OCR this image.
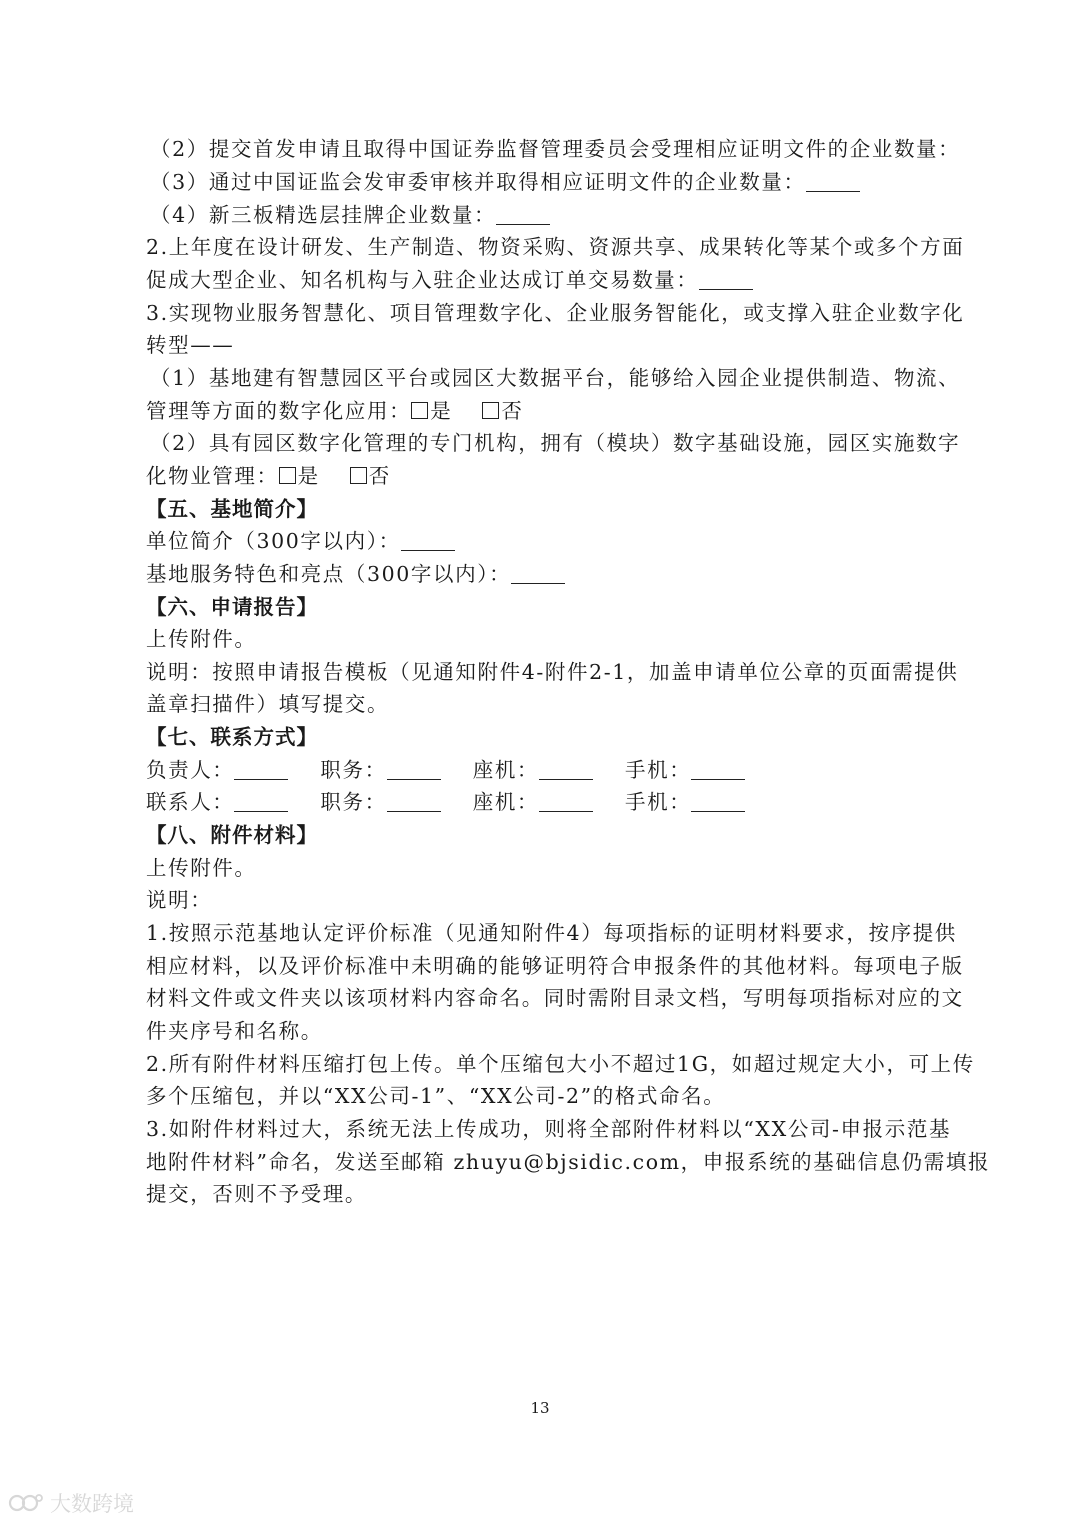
（2）提交首发申请且取得中国证券监督管理委员会受理相应证明文件的企业数量：
（3）通过中国证监会发审委审核并取得相应证明文件的企业数量：
（4）新三板精选层挂牌企业数量：
2.上年度在设计研发、生产制造、物资采购、资源共享、成果转化等某个或多个方面
促成大型企业、知名机构与入驻企业达成订单交易数量：
3.实现物业服务智慧化、项目管理数字化、企业服务智能化，或支撑入驻企业数字化
转型——
（1）基地建有智慧园区平台或园区大数据平台，能够给入园企业提供制造、物流、
管理等方面的数字化应用： 是 否
（2）具有园区数字化管理的专门机构，拥有（模块）数字基础设施，园区实施数字
化物业管理： 是 否
【五、基地简介】
单位简介（300字以内）：
基地服务特色和亮点（300字以内）：
【六、申请报告】
上传附件。
说明：按照申请报告模板（见通知附件4-附件2-1，加盖申请单位公章的页面需提供
盖章扫描件）填写提交。
【七、联系方式】
负责人：	职务：	座机：	手机：
联系人：	职务：	座机：	手机：
【八、附件材料】
上传附件。
说明：
1.按照示范基地认定评价标准（见通知附件4）每项指标的证明材料要求，按序提供
相应材料，以及评价标准中未明确的能够证明符合申报条件的其他材料。每项电子版
材料文件或文件夹以该项材料内容命名。同时需附目录文档，写明每项指标对应的文
件夹序号和名称。
2.所有附件材料压缩打包上传。单个压缩包大小不超过1G，如超过规定大小，可上传
多个压缩包，并以“XX公司-1”、“XX公司-2”的格式命名。
3.如附件材料过大，系统无法上传成功，则将全部附件材料以“XX公司-申报示范基
地附件材料”命名，发送至邮箱 zhuyu@bjsidic.com，申报系统的基础信息仍需填报
提交，否则不予受理。
13
大数跨境
